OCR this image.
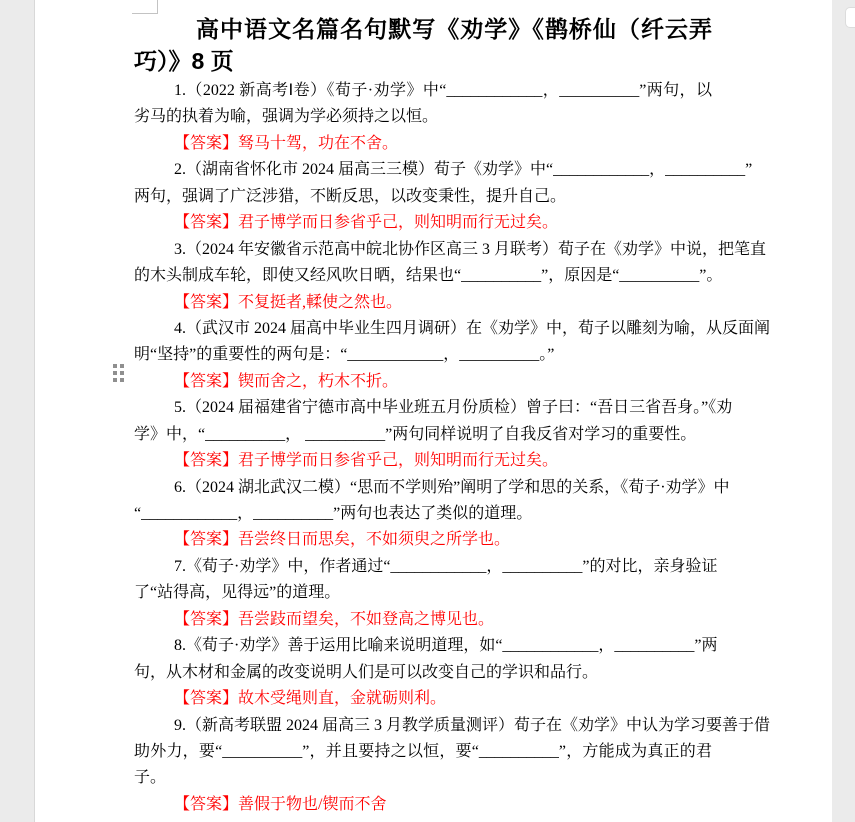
高中语文名篇名句默写《劝学》《鹊桥仙（纤云弄
巧）》8 页
1.（2022 新高考Ⅰ卷）《荀子·劝学》中“____________，__________”两句，以
劣马的执着为喻，强调为学必须持之以恒。
【答案】驽马十驾，功在不舍。
2.（湖南省怀化市 2024 届高三三模）荀子《劝学》中“____________，__________”
两句，强调了广泛涉猎，不断反思，以改变秉性，提升自己。
【答案】君子博学而日参省乎己，则知明而行无过矣。
3.（2024 年安徽省示范高中皖北协作区高三 3 月联考）荀子在《劝学》中说，把笔直
的木头制成车轮，即使又经风吹日晒，结果也“__________”，原因是“__________”。
【答案】不复挺者,輮使之然也。
4.（武汉市 2024 届高中毕业生四月调研）在《劝学》中，荀子以雕刻为喻，从反面阐
明“坚持”的重要性的两句是：“____________，__________。”
【答案】锲而舍之，朽木不折。
5.（2024 届福建省宁德市高中毕业班五月份质检）曾子曰：“吾日三省吾身。”《劝
学》中，“__________， __________”两句同样说明了自我反省对学习的重要性。
【答案】君子博学而日参省乎己，则知明而行无过矣。
6.（2024 湖北武汉二模）“思而不学则殆”阐明了学和思的关系，《荀子·劝学》中
“____________，__________”两句也表达了类似的道理。
【答案】吾尝终日而思矣，不如须臾之所学也。
7.《荀子·劝学》中，作者通过“____________，__________”的对比，亲身验证
了“站得高，见得远”的道理。
【答案】吾尝跂而望矣，不如登高之博见也。
8.《荀子·劝学》善于运用比喻来说明道理，如“____________，__________”两
句，从木材和金属的改变说明人们是可以改变自己的学识和品行。
【答案】故木受绳则直，金就砺则利。
9.（新高考联盟 2024 届高三 3 月教学质量测评）荀子在《劝学》中认为学习要善于借
助外力，要“__________”，并且要持之以恒，要“__________”，方能成为真正的君
子。
【答案】善假于物也/锲而不舍
